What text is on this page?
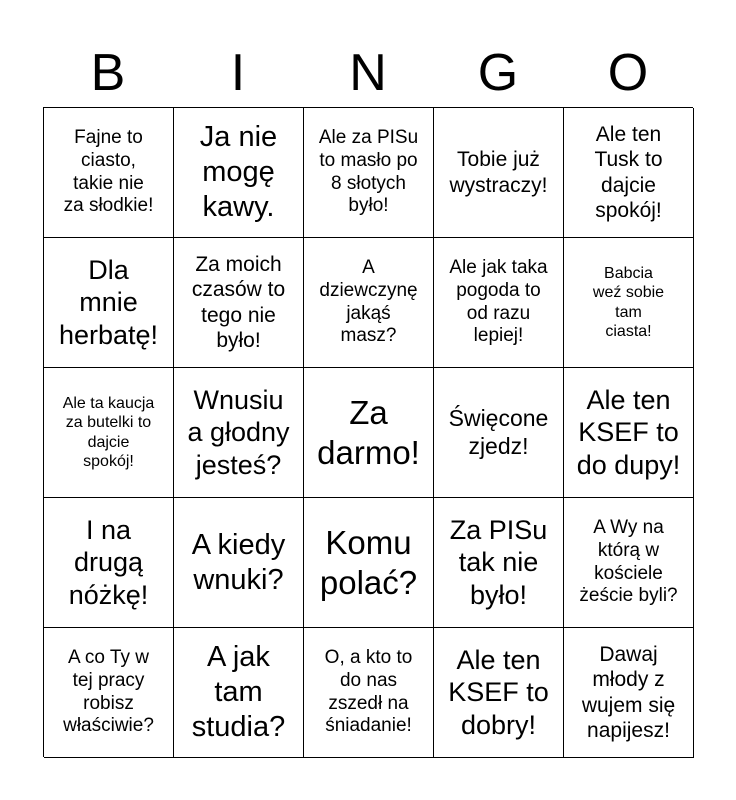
B	I	N	G	O
Fajne to
ciasto,
takie nie
za słodkie!
Ja nie
mogę
kawy.
Ale za PISu
to masło po
8 słotych
było!
Tobie już
wystraczy!
Ale ten
Tusk to
dajcie
spokój!
Dla
mnie
herbatę!
Za moich
czasów to
tego nie
było!
A
dziewczynę
jakąś
masz?
Ale jak taka
pogoda to
od razu
lepiej!
Babcia
weź sobie
tam
ciasta!
Ale ta kaucja
za butelki to
dajcie
spokój!
Wnusiu
a głodny
jesteś?
Za
darmo!
Święcone
zjedz!
Ale ten
KSEF to
do dupy!
I na
drugą
nóżkę!
A kiedy
wnuki?
Komu
polać?
Za PISu
tak nie
było!
A Wy na
którą w
kościele
żeście byli?
A co Ty w
tej pracy
robisz
właściwie?
A jak
tam
studia?
O, a kto to
do nas
zszedł na
śniadanie!
Ale ten
KSEF to
dobry!
Dawaj
młody z
wujem się
napijesz!
